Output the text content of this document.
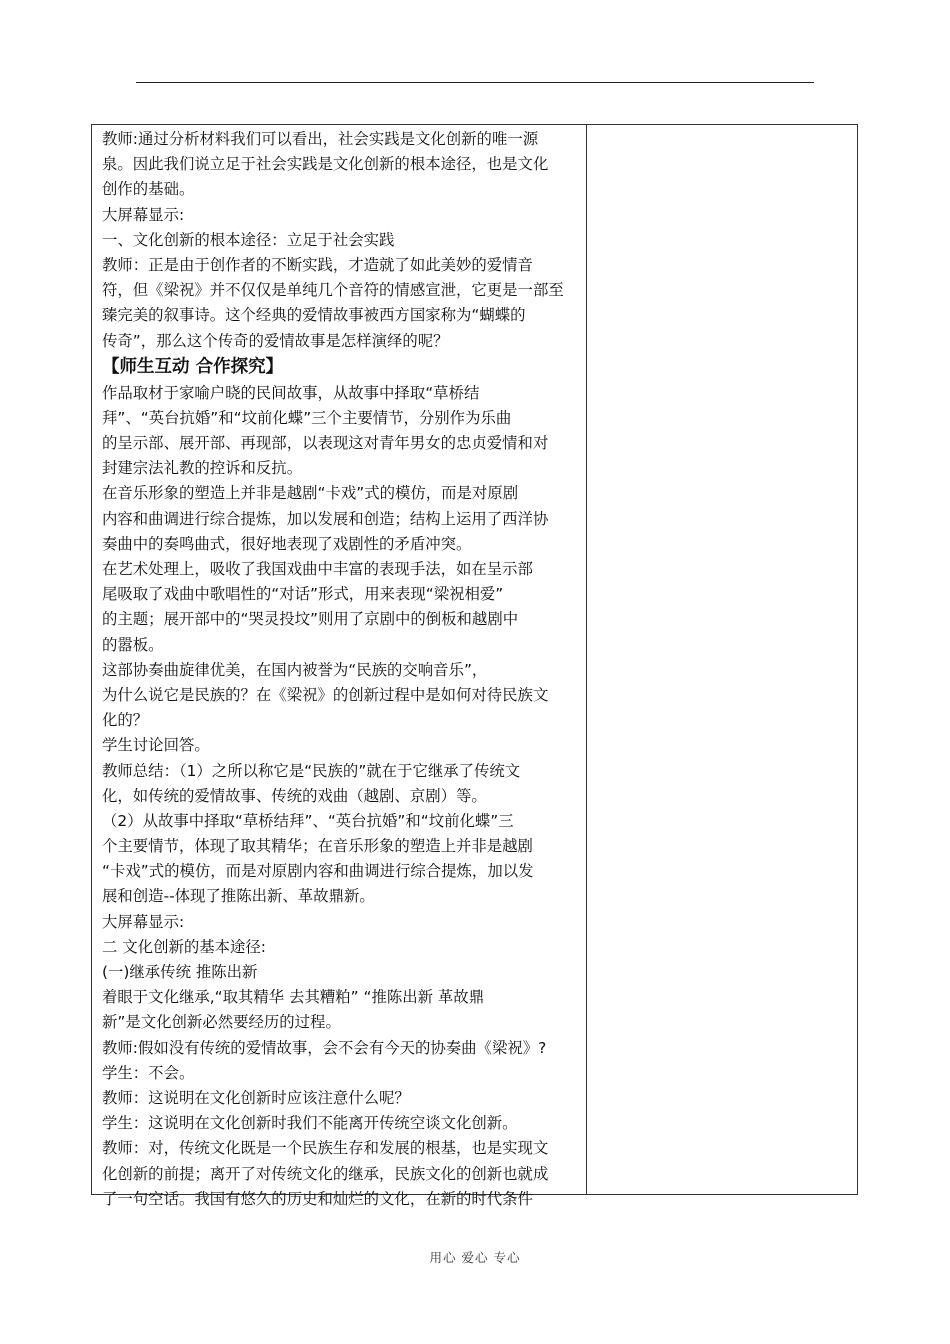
教师:通过分析材料我们可以看出，社会实践是文化创新的唯一源
泉。因此我们说立足于社会实践是文化创新的根本途径，也是文化
创作的基础。
大屏幕显示:
一、文化创新的根本途径：立足于社会实践
教师：正是由于创作者的不断实践，才造就了如此美妙的爱情音
符，但《梁祝》并不仅仅是单纯几个音符的情感宣泄，它更是一部至
臻完美的叙事诗。这个经典的爱情故事被西方国家称为“蝴蝶的
传奇”，那么这个传奇的爱情故事是怎样演绎的呢？
【师生互动 合作探究】
作品取材于家喻户晓的民间故事，从故事中择取“草桥结
拜”、“英台抗婚”和“坟前化蝶”三个主要情节，分别作为乐曲
的呈示部、展开部、再现部，以表现这对青年男女的忠贞爱情和对
封建宗法礼教的控诉和反抗。
在音乐形象的塑造上并非是越剧“卡戏”式的模仿，而是对原剧
内容和曲调进行综合提炼，加以发展和创造；结构上运用了西洋协
奏曲中的奏鸣曲式，很好地表现了戏剧性的矛盾冲突。
在艺术处理上，吸收了我国戏曲中丰富的表现手法，如在呈示部
尾吸取了戏曲中歌唱性的“对话”形式，用来表现“梁祝相爱”
的主题；展开部中的“哭灵投坟”则用了京剧中的倒板和越剧中
的嚣板。
这部协奏曲旋律优美，在国内被誉为“民族的交响音乐”，
为什么说它是民族的？在《梁祝》的创新过程中是如何对待民族文
化的？
学生讨论回答。
教师总结：（1）之所以称它是“民族的”就在于它继承了传统文
化，如传统的爱情故事、传统的戏曲（越剧、京剧）等。
（2）从故事中择取“草桥结拜”、“英台抗婚”和“坟前化蝶”三
个主要情节，体现了取其精华；在音乐形象的塑造上并非是越剧
“卡戏”式的模仿，而是对原剧内容和曲调进行综合提炼，加以发
展和创造--体现了推陈出新、革故鼎新。
大屏幕显示:
二 文化创新的基本途径:
(一)继承传统 推陈出新
着眼于文化继承,“取其精华 去其糟粕” “推陈出新 革故鼎
新”是文化创新必然要经历的过程。
教师:假如没有传统的爱情故事，会不会有今天的协奏曲《梁祝》?
学生：不会。
教师：这说明在文化创新时应该注意什么呢？
学生：这说明在文化创新时我们不能离开传统空谈文化创新。
教师：对，传统文化既是一个民族生存和发展的根基，也是实现文
化创新的前提；离开了对传统文化的继承，民族文化的创新也就成
了一句空话。我国有悠久的历史和灿烂的文化，在新的时代条件
用心 爱心 专心
